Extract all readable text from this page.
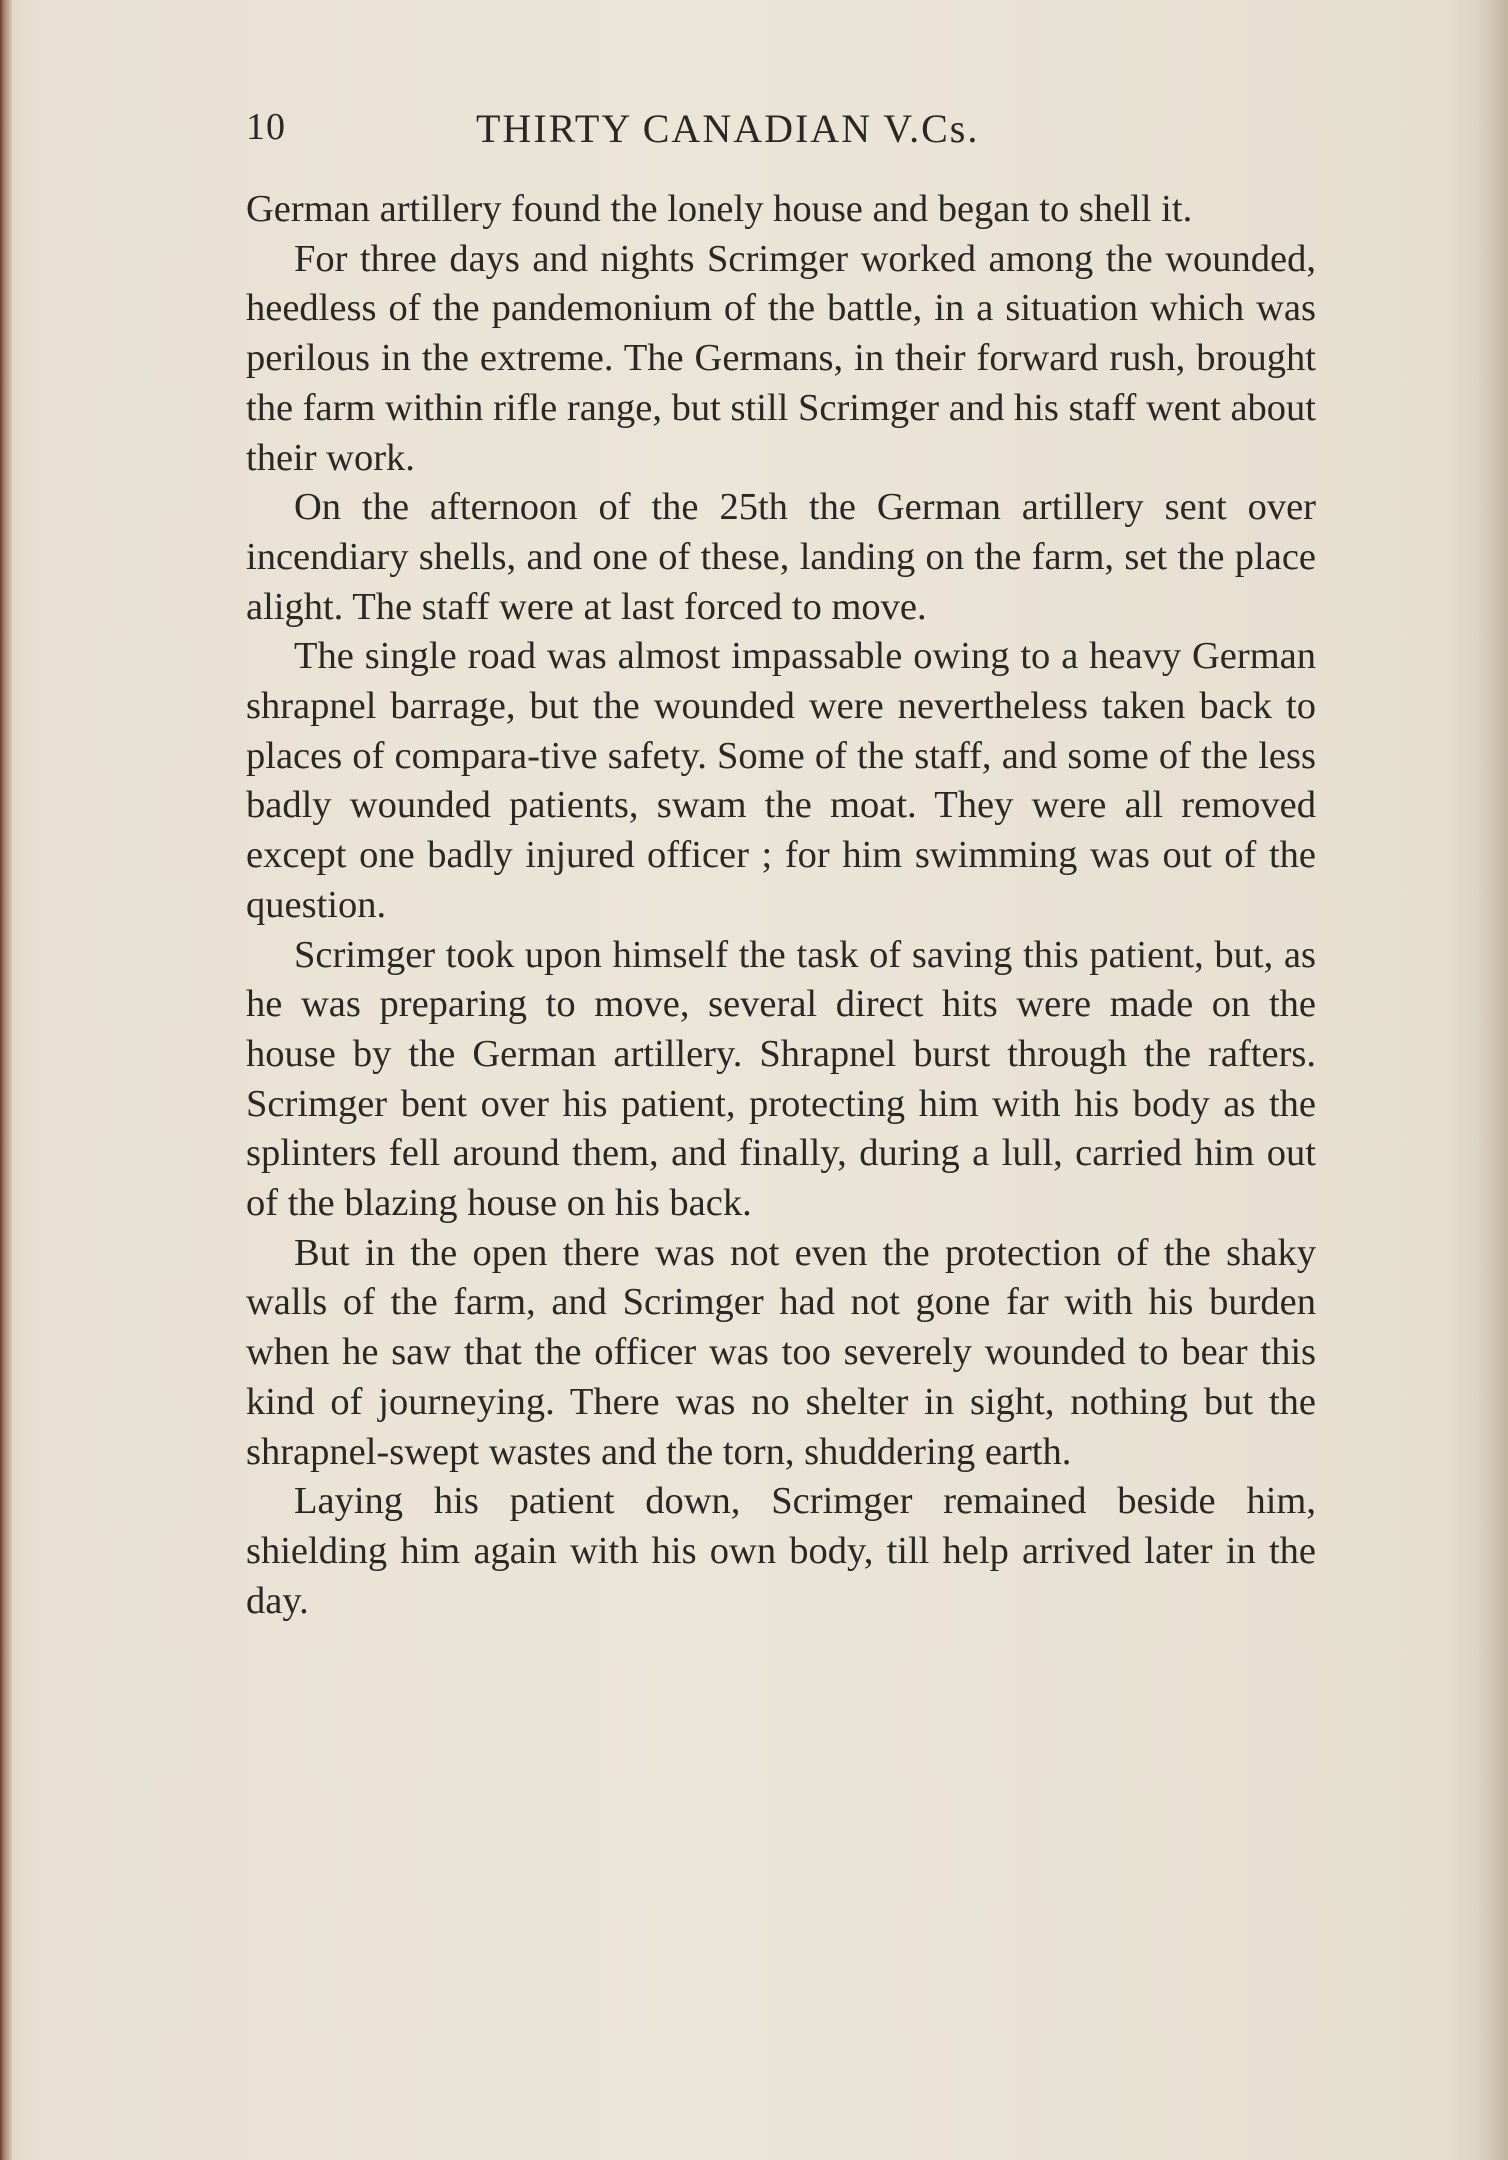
10	THIRTY CANADIAN V.Cs.

German artillery found the lonely house and began to shell it.

For three days and nights Scrimger worked among the wounded, heedless of the pandemonium of the battle, in a situation which was perilous in the extreme. The Germans, in their forward rush, brought the farm within rifle range, but still Scrimger and his staff went about their work.

On the afternoon of the 25th the German artillery sent over incendiary shells, and one of these, landing on the farm, set the place alight. The staff were at last forced to move.

The single road was almost impassable owing to a heavy German shrapnel barrage, but the wounded were nevertheless taken back to places of compara-tive safety. Some of the staff, and some of the less badly wounded patients, swam the moat. They were all removed except one badly injured officer ; for him swimming was out of the question.

Scrimger took upon himself the task of saving this patient, but, as he was preparing to move, several direct hits were made on the house by the German artillery. Shrapnel burst through the rafters. Scrimger bent over his patient, protecting him with his body as the splinters fell around them, and finally, during a lull, carried him out of the blazing house on his back.

But in the open there was not even the protection of the shaky walls of the farm, and Scrimger had not gone far with his burden when he saw that the officer was too severely wounded to bear this kind of journeying. There was no shelter in sight, nothing but the shrapnel-swept wastes and the torn, shuddering earth.

Laying his patient down, Scrimger remained beside him, shielding him again with his own body, till help arrived later in the day.
